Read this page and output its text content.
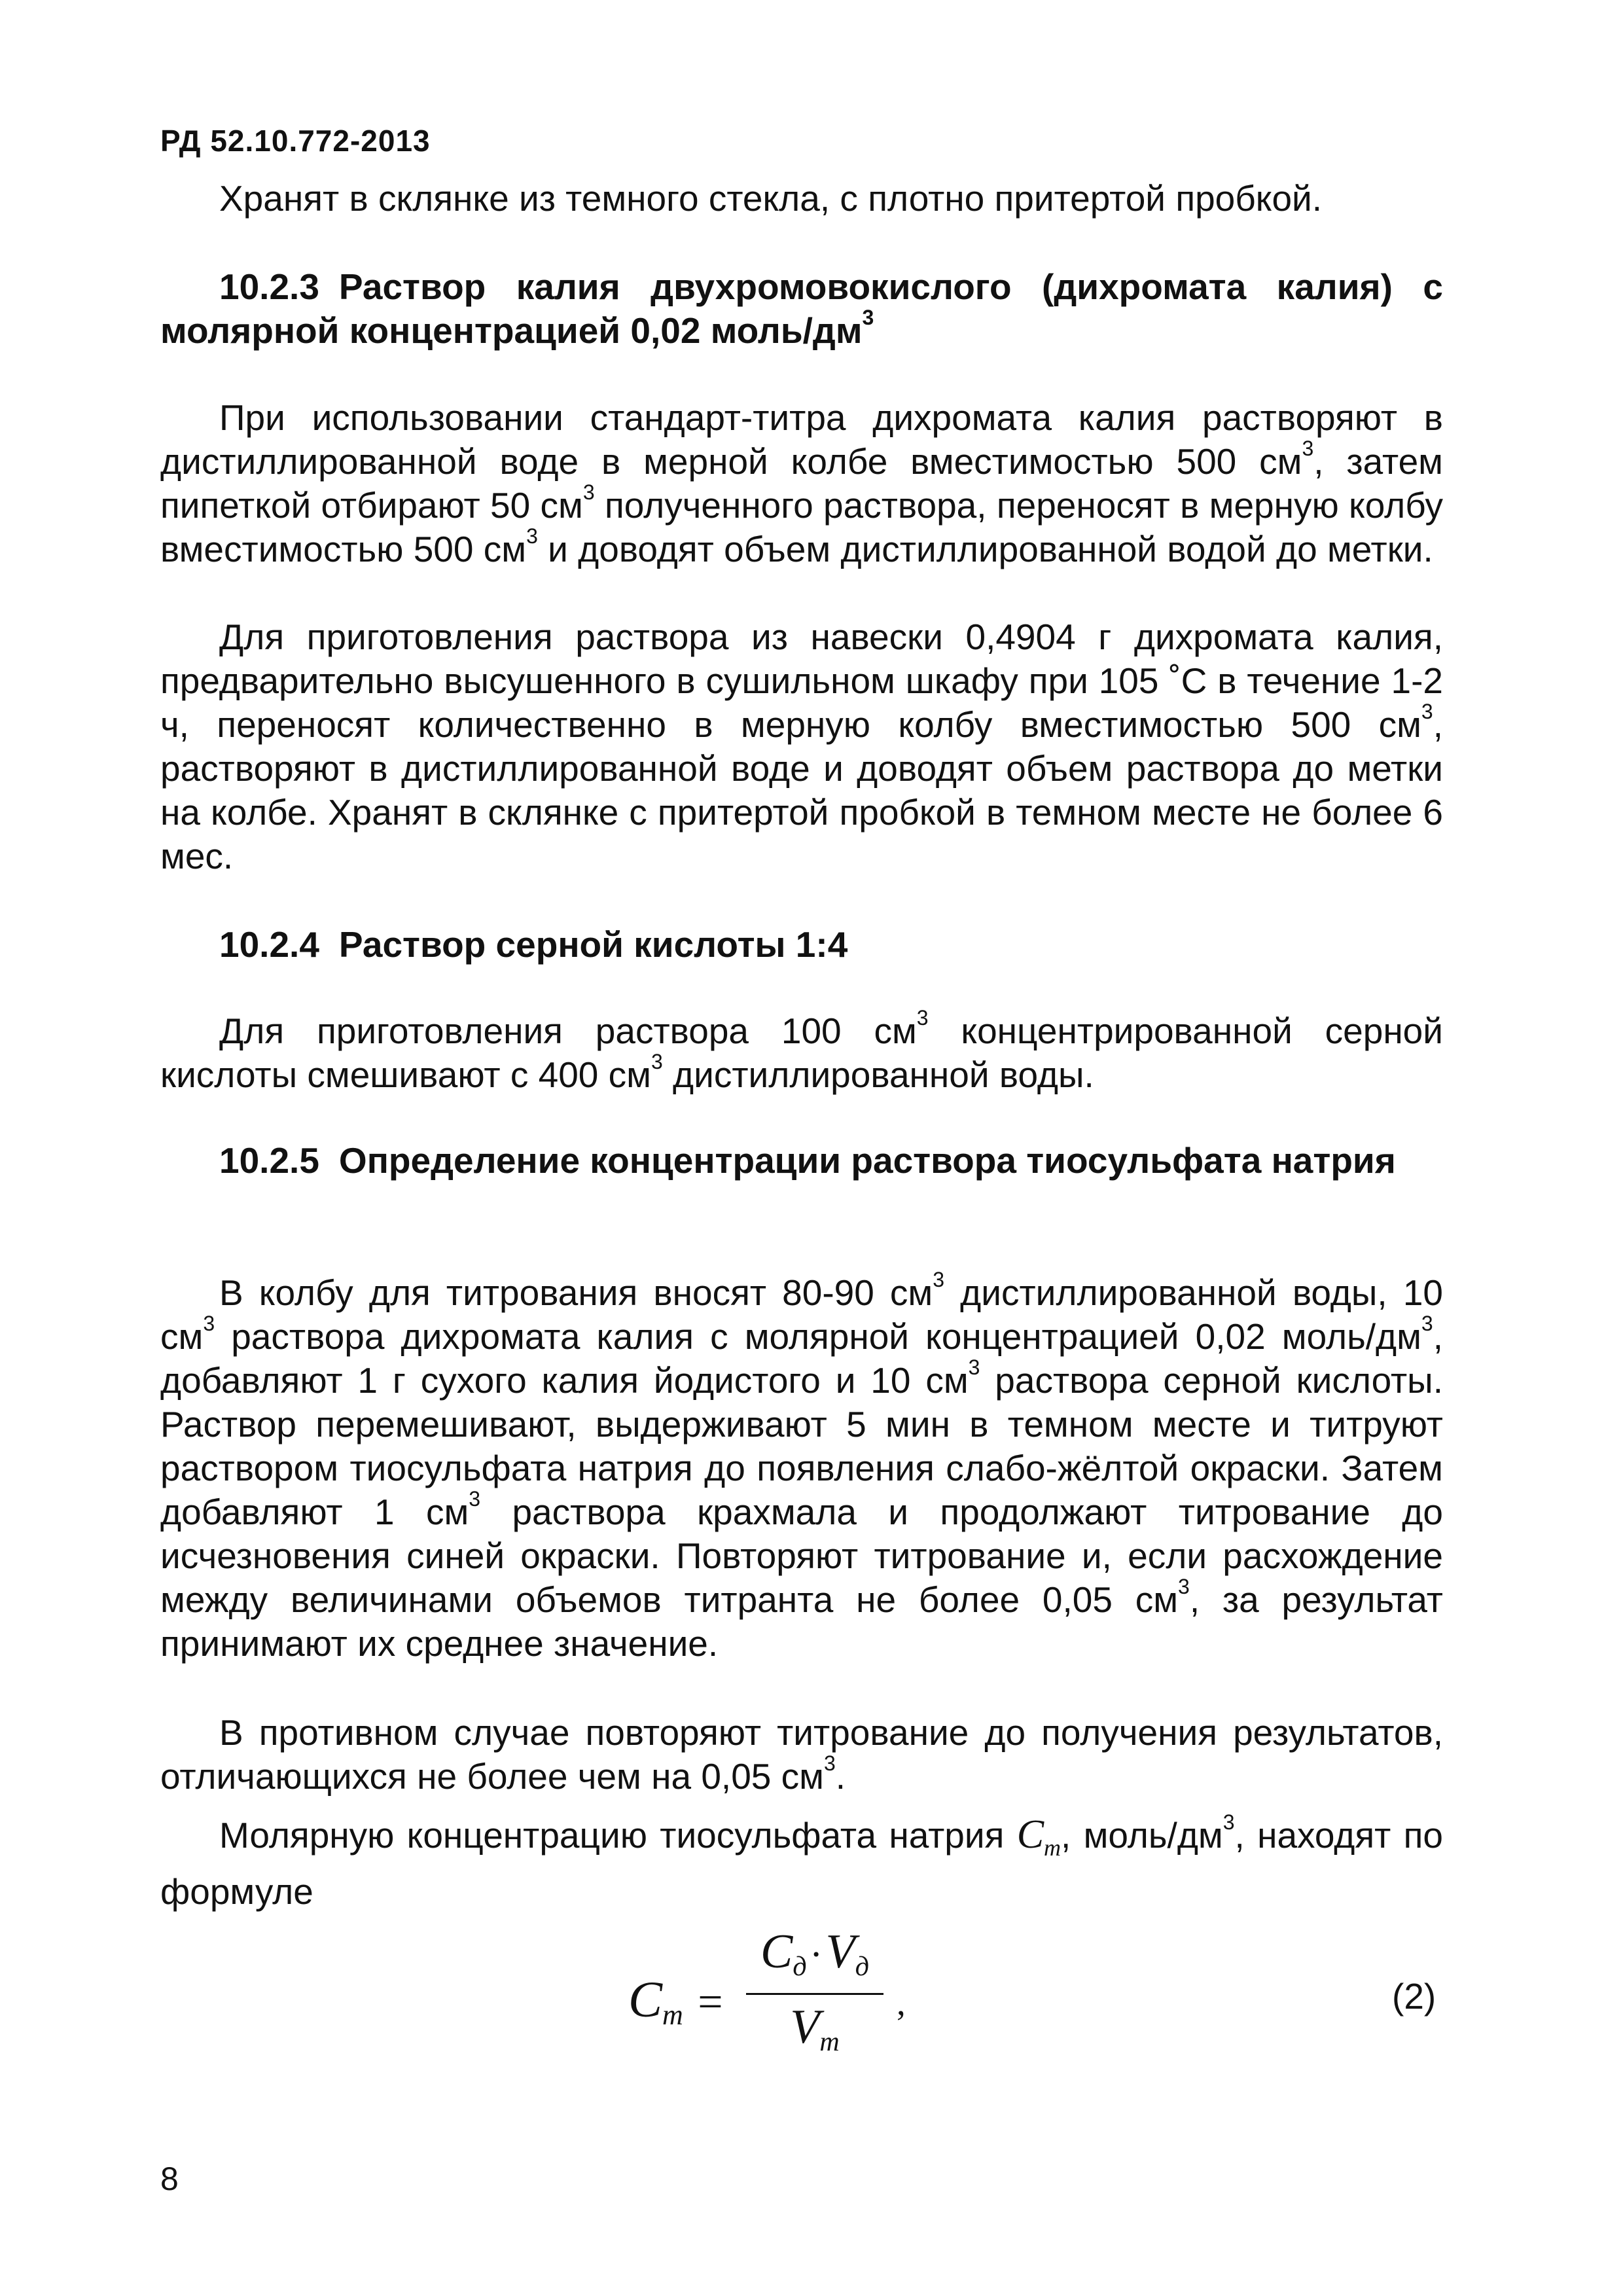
РД 52.10.772-2013

Хранят в склянке из темного стекла, с плотно притертой пробкой.

10.2.3 Раствор калия двухромовокислого (дихромата калия) с молярной концентрацией 0,02 моль/$дм^3$

При использовании стандарт-титра дихромата калия растворяют в дистиллированной воде в мерной колбе вместимостью 500 $см^3$, затем пипеткой отбирают 50 $см^3$ полученного раствора, переносят в мерную колбу вместимостью 500 $см^3$ и доводят объем дистиллированной водой до метки.

Для приготовления раствора из навески 0,4904 г дихромата калия, предварительно высушенного в сушильном шкафу при 105 ˚С в течение 1-2 ч, переносят количественно в мерную колбу вместимостью 500 $см^3$, растворяют в дистиллированной воде и доводят объем раствора до метки на колбе. Хранят в склянке с притертой пробкой в темном месте не более 6 мес.

10.2.4 Раствор серной кислоты 1:4

Для приготовления раствора 100 $см^3$ концентрированной серной кислоты смешивают с 400 $см^3$ дистиллированной воды.

10.2.5 Определение концентрации раствора тиосульфата натрия

В колбу для титрования вносят 80-90 $см^3$ дистиллированной воды, 10 $см^3$ раствора дихромата калия с молярной концентрацией 0,02 моль/$дм^3$, добавляют 1 г сухого калия йодистого и 10 $см^3$ раствора серной кислоты. Раствор перемешивают, выдерживают 5 мин в темном месте и титруют раствором тиосульфата натрия до появления слабо-жёлтой окраски. Затем добавляют 1 $см^3$ раствора крахмала и продолжают титрование до исчезновения синей окраски. Повторяют титрование и, если расхождение между величинами объемов титранта не более 0,05 $см^3$, за результат принимают их среднее значение.

В противном случае повторяют титрование до получения результатов, отличающихся не более чем на 0,05 $см^3$.

Молярную концентрацию тиосульфата натрия $C_m$, моль/$дм^3$, находят по формуле

Cm =
Cд · Vд
Vm
,	(2)
8
